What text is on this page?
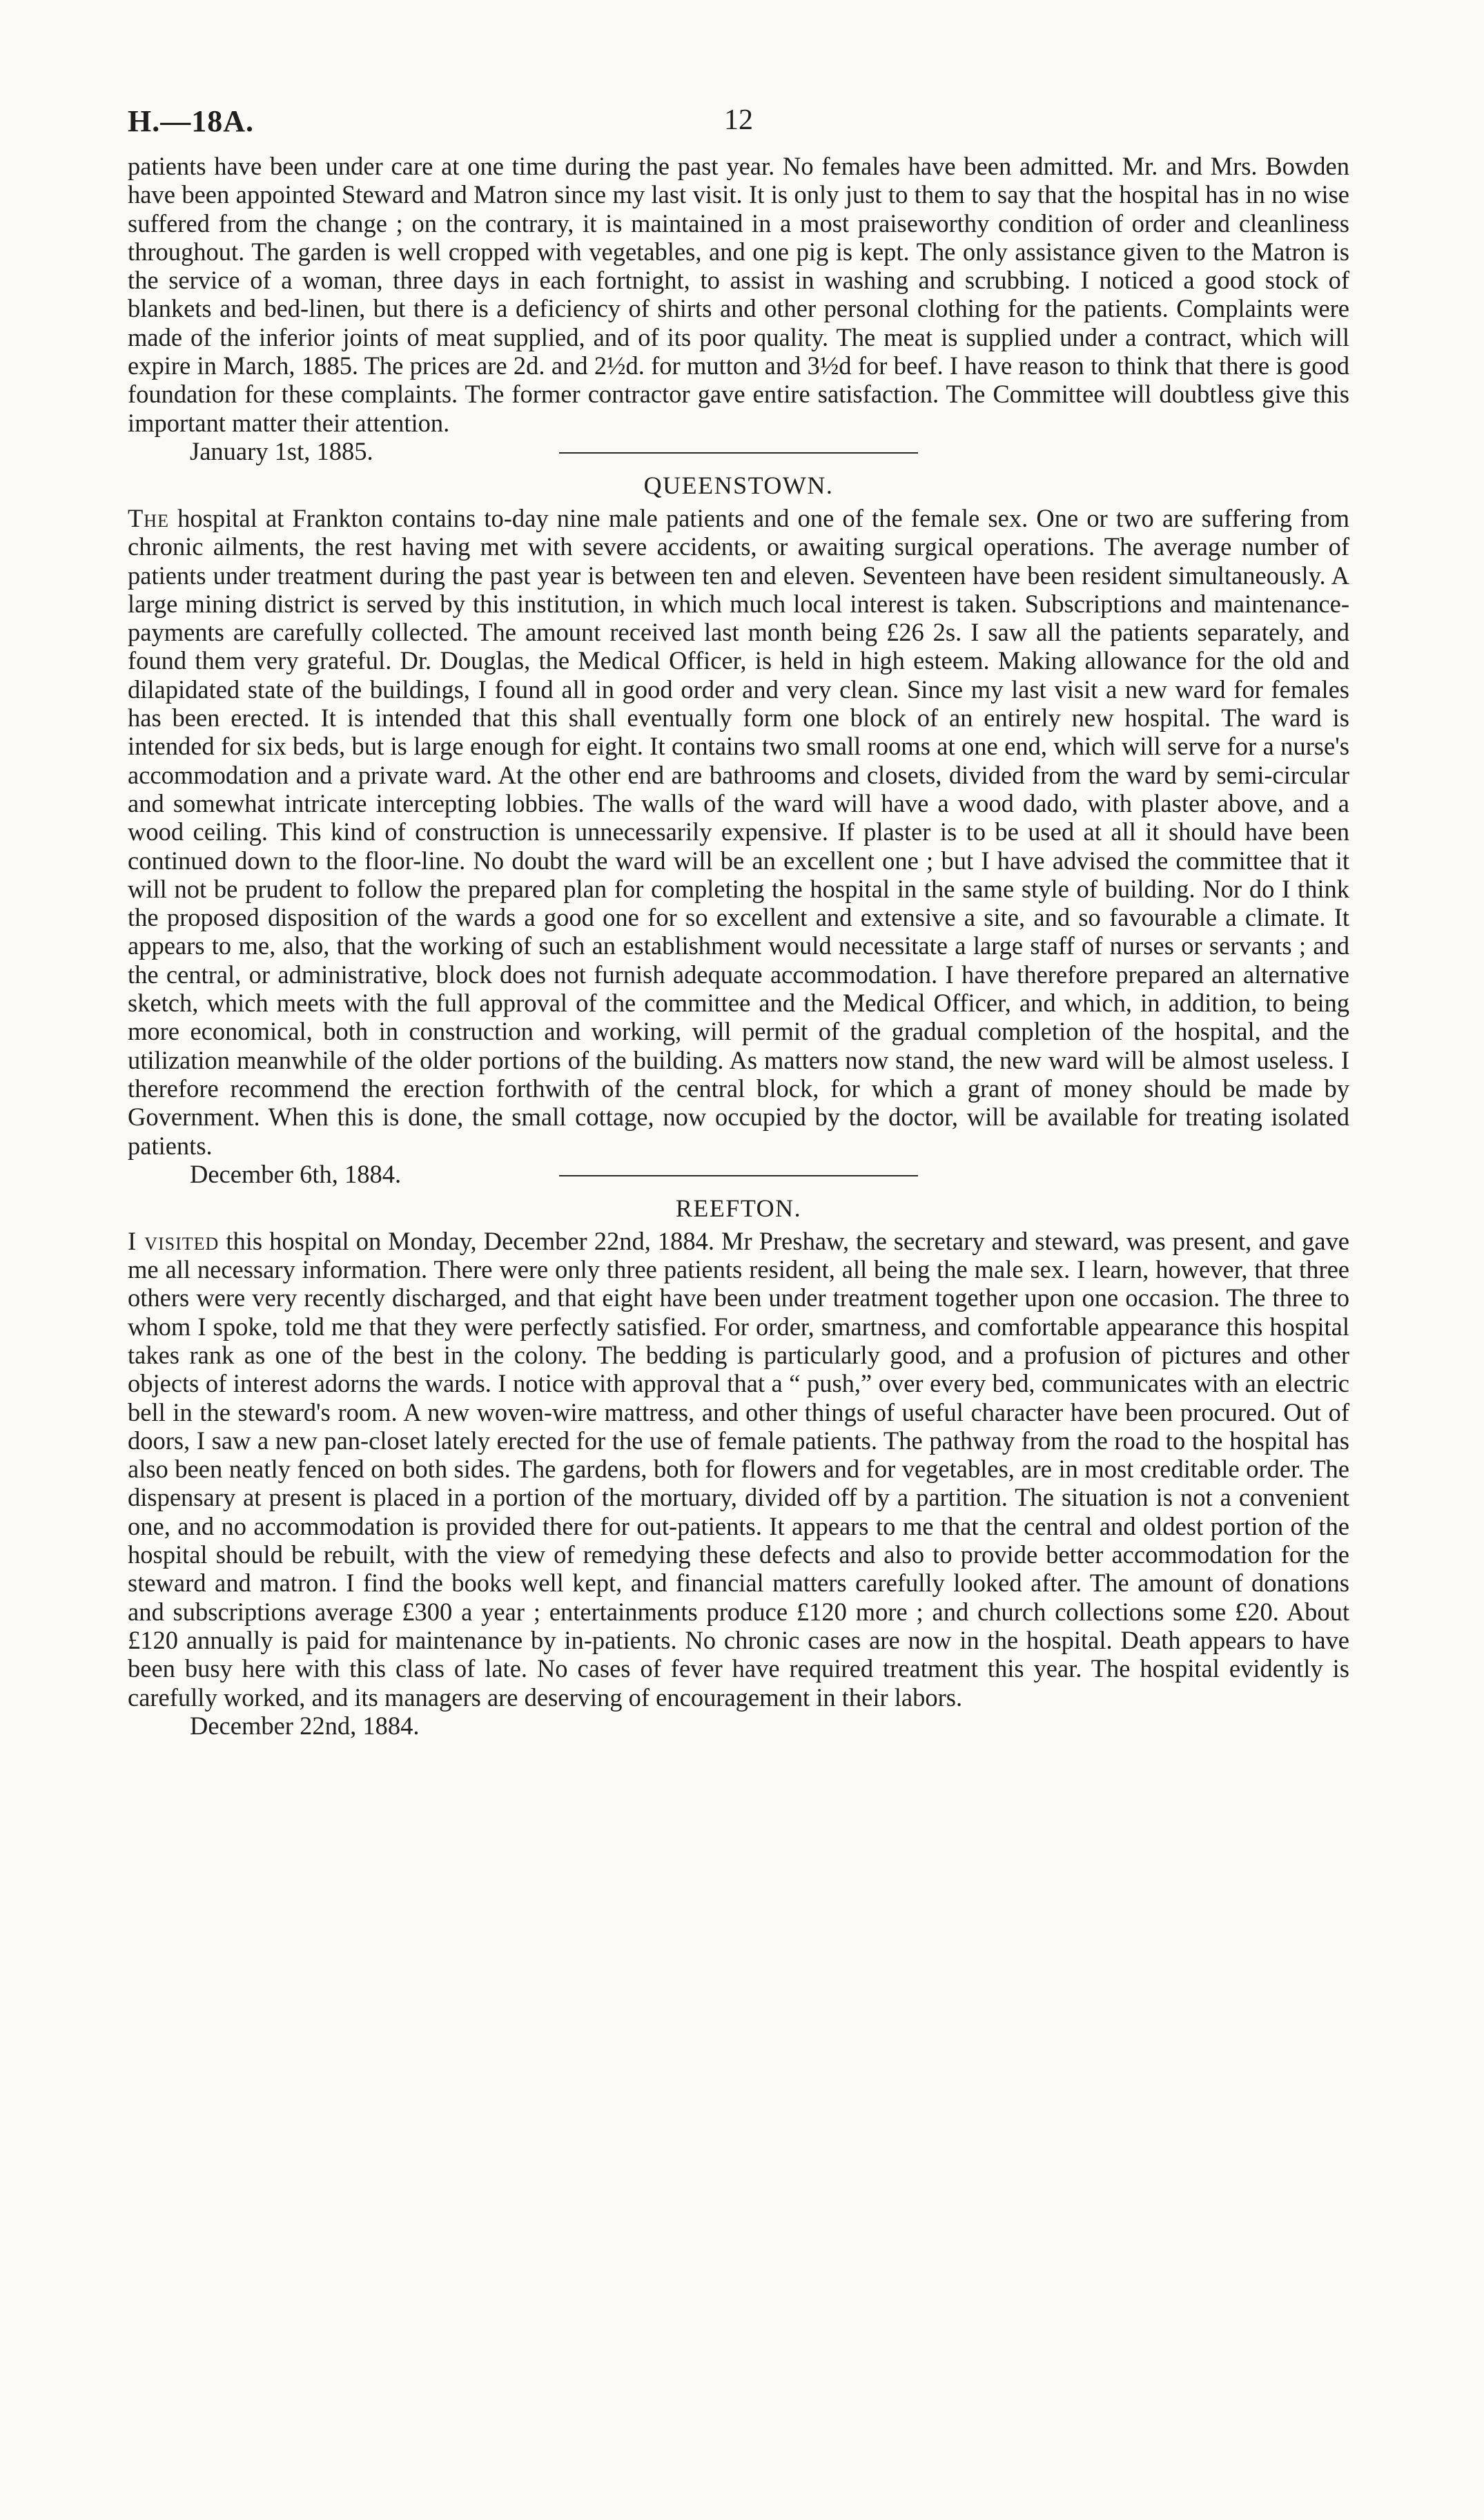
H.—18A.	12

patients have been under care at one time during the past year. No females have been admitted. Mr. and Mrs. Bowden have been appointed Steward and Matron since my last visit. It is only just to them to say that the hospital has in no wise suffered from the change ; on the contrary, it is maintained in a most praiseworthy condition of order and cleanliness throughout. The garden is well cropped with vegetables, and one pig is kept. The only assistance given to the Matron is the service of a woman, three days in each fortnight, to assist in washing and scrubbing. I noticed a good stock of blankets and bed-linen, but there is a deficiency of shirts and other personal clothing for the patients. Complaints were made of the inferior joints of meat supplied, and of its poor quality. The meat is supplied under a contract, which will expire in March, 1885. The prices are 2d. and 2½d. for mutton and 3½d for beef. I have reason to think that there is good foundation for these complaints. The former contractor gave entire satisfaction. The Committee will doubtless give this important matter their attention.

January 1st, 1885.
QUEENSTOWN.

The hospital at Frankton contains to-day nine male patients and one of the female sex. One or two are suffering from chronic ailments, the rest having met with severe accidents, or awaiting surgical operations. The average number of patients under treatment during the past year is between ten and eleven. Seventeen have been resident simultaneously. A large mining district is served by this institution, in which much local interest is taken. Subscriptions and maintenance-payments are carefully collected. The amount received last month being £26 2s. I saw all the patients separately, and found them very grateful. Dr. Douglas, the Medical Officer, is held in high esteem. Making allowance for the old and dilapidated state of the buildings, I found all in good order and very clean. Since my last visit a new ward for females has been erected. It is intended that this shall eventually form one block of an entirely new hospital. The ward is intended for six beds, but is large enough for eight. It contains two small rooms at one end, which will serve for a nurse's accommodation and a private ward. At the other end are bathrooms and closets, divided from the ward by semi-circular and somewhat intricate intercepting lobbies. The walls of the ward will have a wood dado, with plaster above, and a wood ceiling. This kind of construction is unnecessarily expensive. If plaster is to be used at all it should have been continued down to the floor-line. No doubt the ward will be an excellent one ; but I have advised the committee that it will not be prudent to follow the prepared plan for completing the hospital in the same style of building. Nor do I think the proposed disposition of the wards a good one for so excellent and extensive a site, and so favourable a climate. It appears to me, also, that the working of such an establishment would necessitate a large staff of nurses or servants ; and the central, or administrative, block does not furnish adequate accommodation. I have therefore prepared an alternative sketch, which meets with the full approval of the committee and the Medical Officer, and which, in addition, to being more economical, both in construction and working, will permit of the gradual completion of the hospital, and the utilization meanwhile of the older portions of the building. As matters now stand, the new ward will be almost useless. I therefore recommend the erection forthwith of the central block, for which a grant of money should be made by Government. When this is done, the small cottage, now occupied by the doctor, will be available for treating isolated patients.

December 6th, 1884.
REEFTON.

I visited this hospital on Monday, December 22nd, 1884. Mr Preshaw, the secretary and steward, was present, and gave me all necessary information. There were only three patients resident, all being the male sex. I learn, however, that three others were very recently discharged, and that eight have been under treatment together upon one occasion. The three to whom I spoke, told me that they were perfectly satisfied. For order, smartness, and comfortable appearance this hospital takes rank as one of the best in the colony. The bedding is particularly good, and a profusion of pictures and other objects of interest adorns the wards. I notice with approval that a “ push,” over every bed, communicates with an electric bell in the steward's room. A new woven-wire mattress, and other things of useful character have been procured. Out of doors, I saw a new pan-closet lately erected for the use of female patients. The pathway from the road to the hospital has also been neatly fenced on both sides. The gardens, both for flowers and for vegetables, are in most creditable order. The dispensary at present is placed in a portion of the mortuary, divided off by a partition. The situation is not a convenient one, and no accommodation is provided there for out-patients. It appears to me that the central and oldest portion of the hospital should be rebuilt, with the view of remedying these defects and also to provide better accommodation for the steward and matron. I find the books well kept, and financial matters carefully looked after. The amount of donations and subscriptions average £300 a year ; entertainments produce £120 more ; and church collections some £20. About £120 annually is paid for maintenance by in-patients. No chronic cases are now in the hospital. Death appears to have been busy here with this class of late. No cases of fever have required treatment this year. The hospital evidently is carefully worked, and its managers are deserving of encouragement in their labors.

December 22nd, 1884.
